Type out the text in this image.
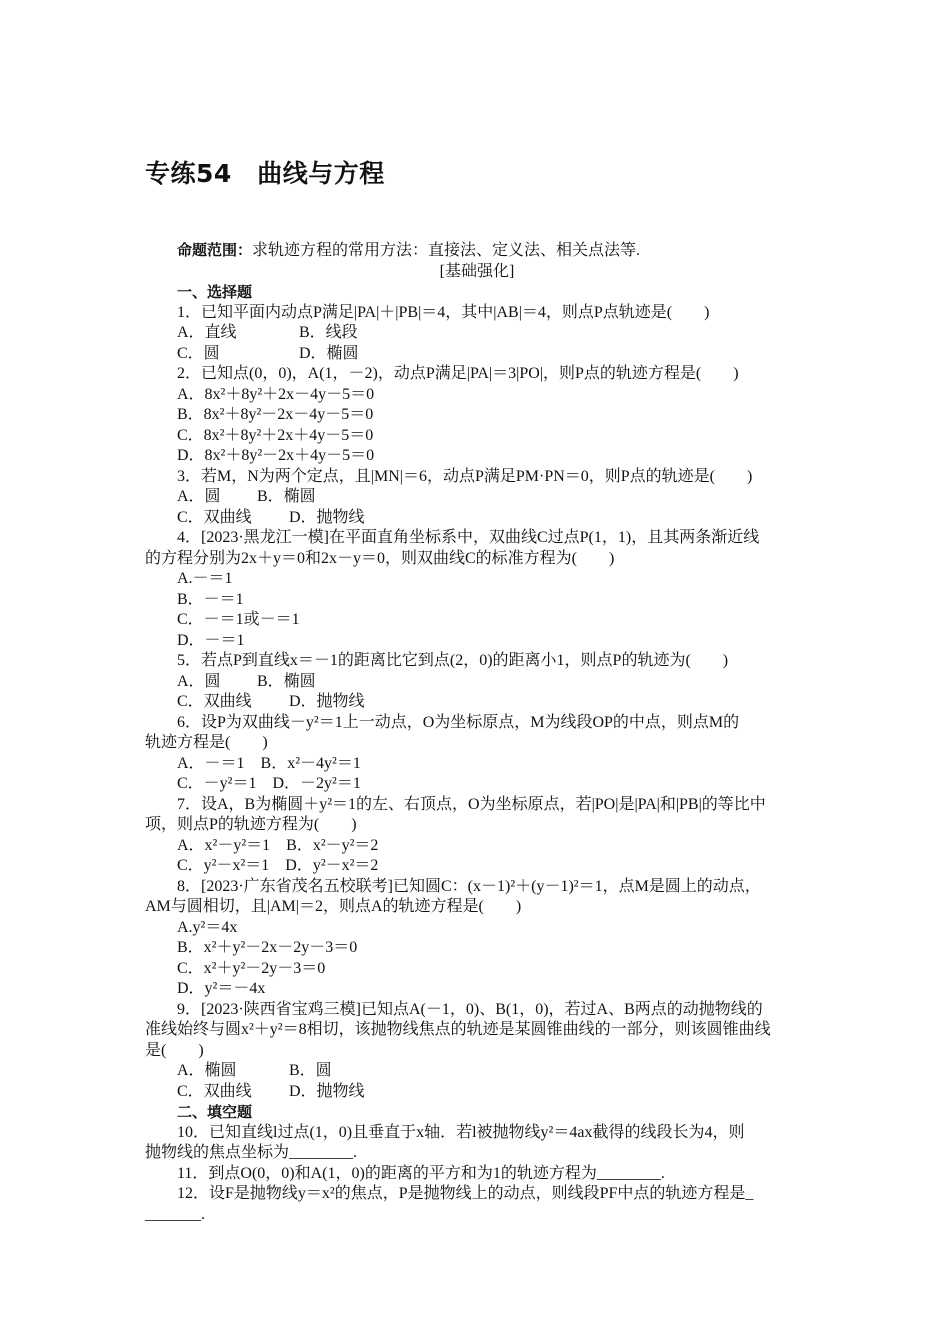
专练54　曲线与方程
命题范围：求轨迹方程的常用方法：直接法、定义法、相关点法等.
[基础强化]
一、选择题
1．已知平面内动点P满足|PA|＋|PB|＝4，其中|AB|＝4，则点P点轨迹是(　　)
A．直线	B．线段
C．圆	D．椭圆
2．已知点(0，0)，A(1，－2)，动点P满足|PA|＝3|PO|，则P点的轨迹方程是(　　)
A．8x²＋8y²＋2x－4y－5＝0
B．8x²＋8y²－2x－4y－5＝0
C．8x²＋8y²＋2x＋4y－5＝0
D．8x²＋8y²－2x＋4y－5＝0
3．若M，N为两个定点，且|MN|＝6，动点P满足PM·PN＝0，则P点的轨迹是(　　)
A．圆 B．椭圆
C．双曲线 D．抛物线
4．[2023·黑龙江一模]在平面直角坐标系中，双曲线C过点P(1，1)，且其两条渐近线
的方程分别为2x＋y＝0和2x－y＝0，则双曲线C的标准方程为(　　)
A.－＝1
B．－＝1
C．－＝1或－＝1
D．－＝1
5．若点P到直线x＝－1的距离比它到点(2，0)的距离小1，则点P的轨迹为(　　)
A．圆 B．椭圆
C．双曲线 D．抛物线
6．设P为双曲线－y²＝1上一动点，O为坐标原点，M为线段OP的中点，则点M的
轨迹方程是(　　)
A．－＝1　B．x²－4y²＝1
C．－y²＝1　D．－2y²＝1
7．设A，B为椭圆＋y²＝1的左、右顶点，O为坐标原点，若|PO|是|PA|和|PB|的等比中
项，则点P的轨迹方程为(　　)
A．x²－y²＝1　B．x²－y²＝2
C．y²－x²＝1　D．y²－x²＝2
8．[2023·广东省茂名五校联考]已知圆C：(x－1)²＋(y－1)²＝1，点M是圆上的动点，
AM与圆相切，且|AM|＝2，则点A的轨迹方程是(　　)
A.y²＝4x
B．x²＋y²－2x－2y－3＝0
C．x²＋y²－2y－3＝0
D．y²＝－4x
9．[2023·陕西省宝鸡三模]已知点A(－1，0)、B(1，0)，若过A、B两点的动抛物线的
准线始终与圆x²＋y²＝8相切，该抛物线焦点的轨迹是某圆锥曲线的一部分，则该圆锥曲线
是(　　)
A．椭圆	B．圆
C．双曲线 D．抛物线
二、填空题
10．已知直线l过点(1，0)且垂直于x轴．若l被抛物线y²＝4ax截得的线段长为4，则
抛物线的焦点坐标为________.
11．到点O(0，0)和A(1，0)的距离的平方和为1的轨迹方程为________.
12．设F是抛物线y＝x²的焦点，P是抛物线上的动点，则线段PF中点的轨迹方程是_
_______.
